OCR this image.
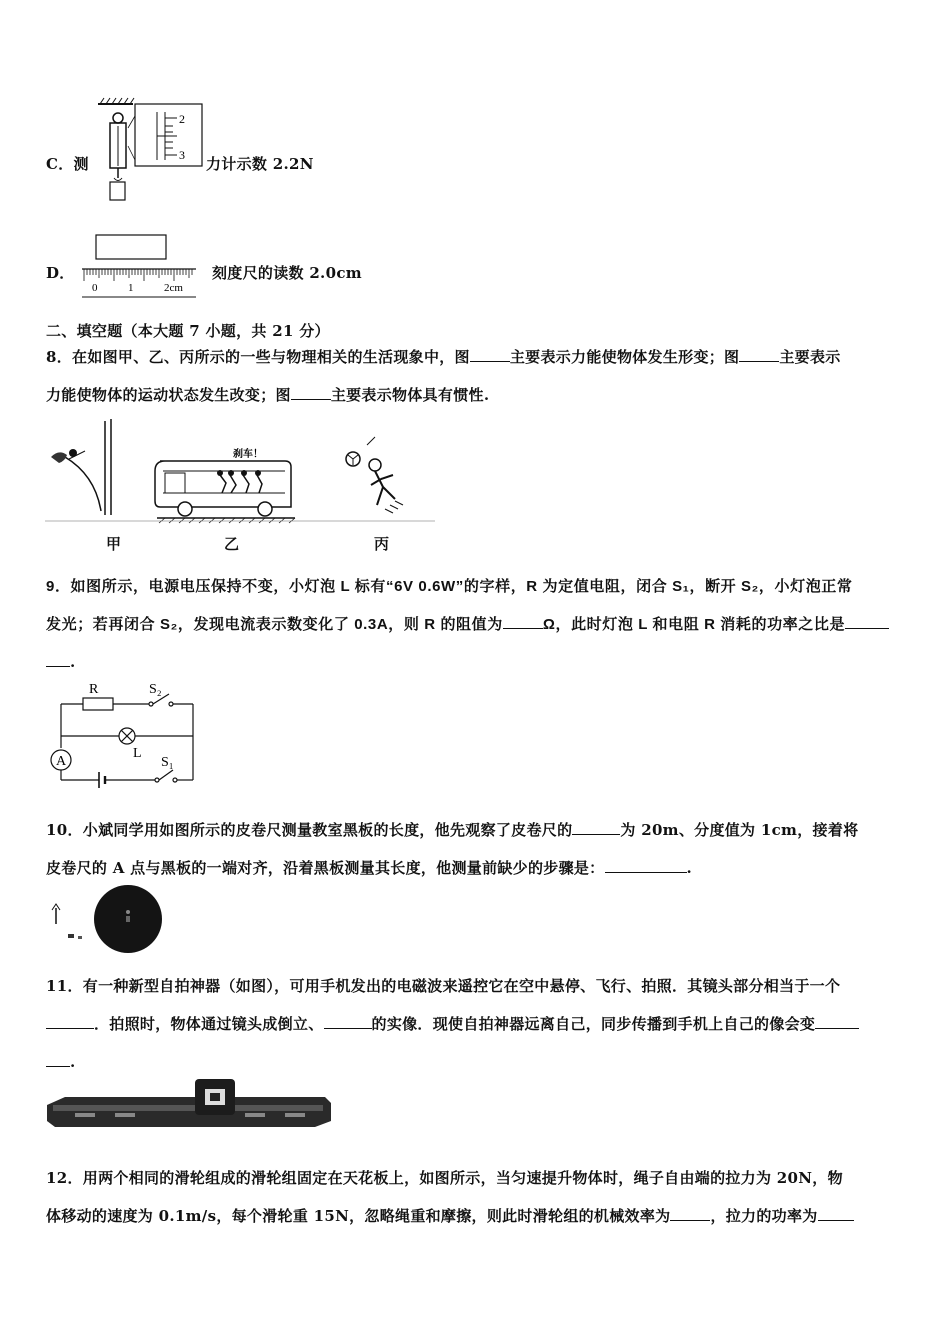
C．测
2
3 力计示数 2.2N
D．
0	1	2cm
刻度尺的读数 2.0cm
二、填空题（本大题 7 小题，共 21 分）
8．在如图甲、乙、丙所示的一些与物理相关的生活现象中，图	主要表示力能使物体发生形变；图	主要表示
力能使物体的运动状态发生改变；图	主要表示物体具有惯性.
刹车！
甲	乙	丙
9．如图所示，电源电压保持不变，小灯泡 L 标有“6V 0.6W”的字样，R 为定值电阻，闭合 S₁，断开 S₂，小灯泡正常
发光；若再闭合 S₂，发现电流表示数变化了 0.3A，则 R 的阻值为	Ω，此时灯泡 L 和电阻 R 消耗的功率之比是
.
R	S₂
L
A	S₁
10．小斌同学用如图所示的皮卷尺测量教室黑板的长度，他先观察了皮卷尺的	为 20m、分度值为 1cm，接着将
皮卷尺的 A 点与黑板的一端对齐，沿着黑板测量其长度，他测量前缺少的步骤是：	.
11．有一种新型自拍神器（如图），可用手机发出的电磁波来遥控它在空中悬停、飞行、拍照．其镜头部分相当于一个
．拍照时，物体通过镜头成倒立、	的实像．现使自拍神器远离自己，同步传播到手机上自己的像会变
.
12．用两个相同的滑轮组成的滑轮组固定在天花板上，如图所示，当匀速提升物体时，绳子自由端的拉力为 20N，物
体移动的速度为 0.1m/s，每个滑轮重 15N，忽略绳重和摩擦，则此时滑轮组的机械效率为	，拉力的功率为
